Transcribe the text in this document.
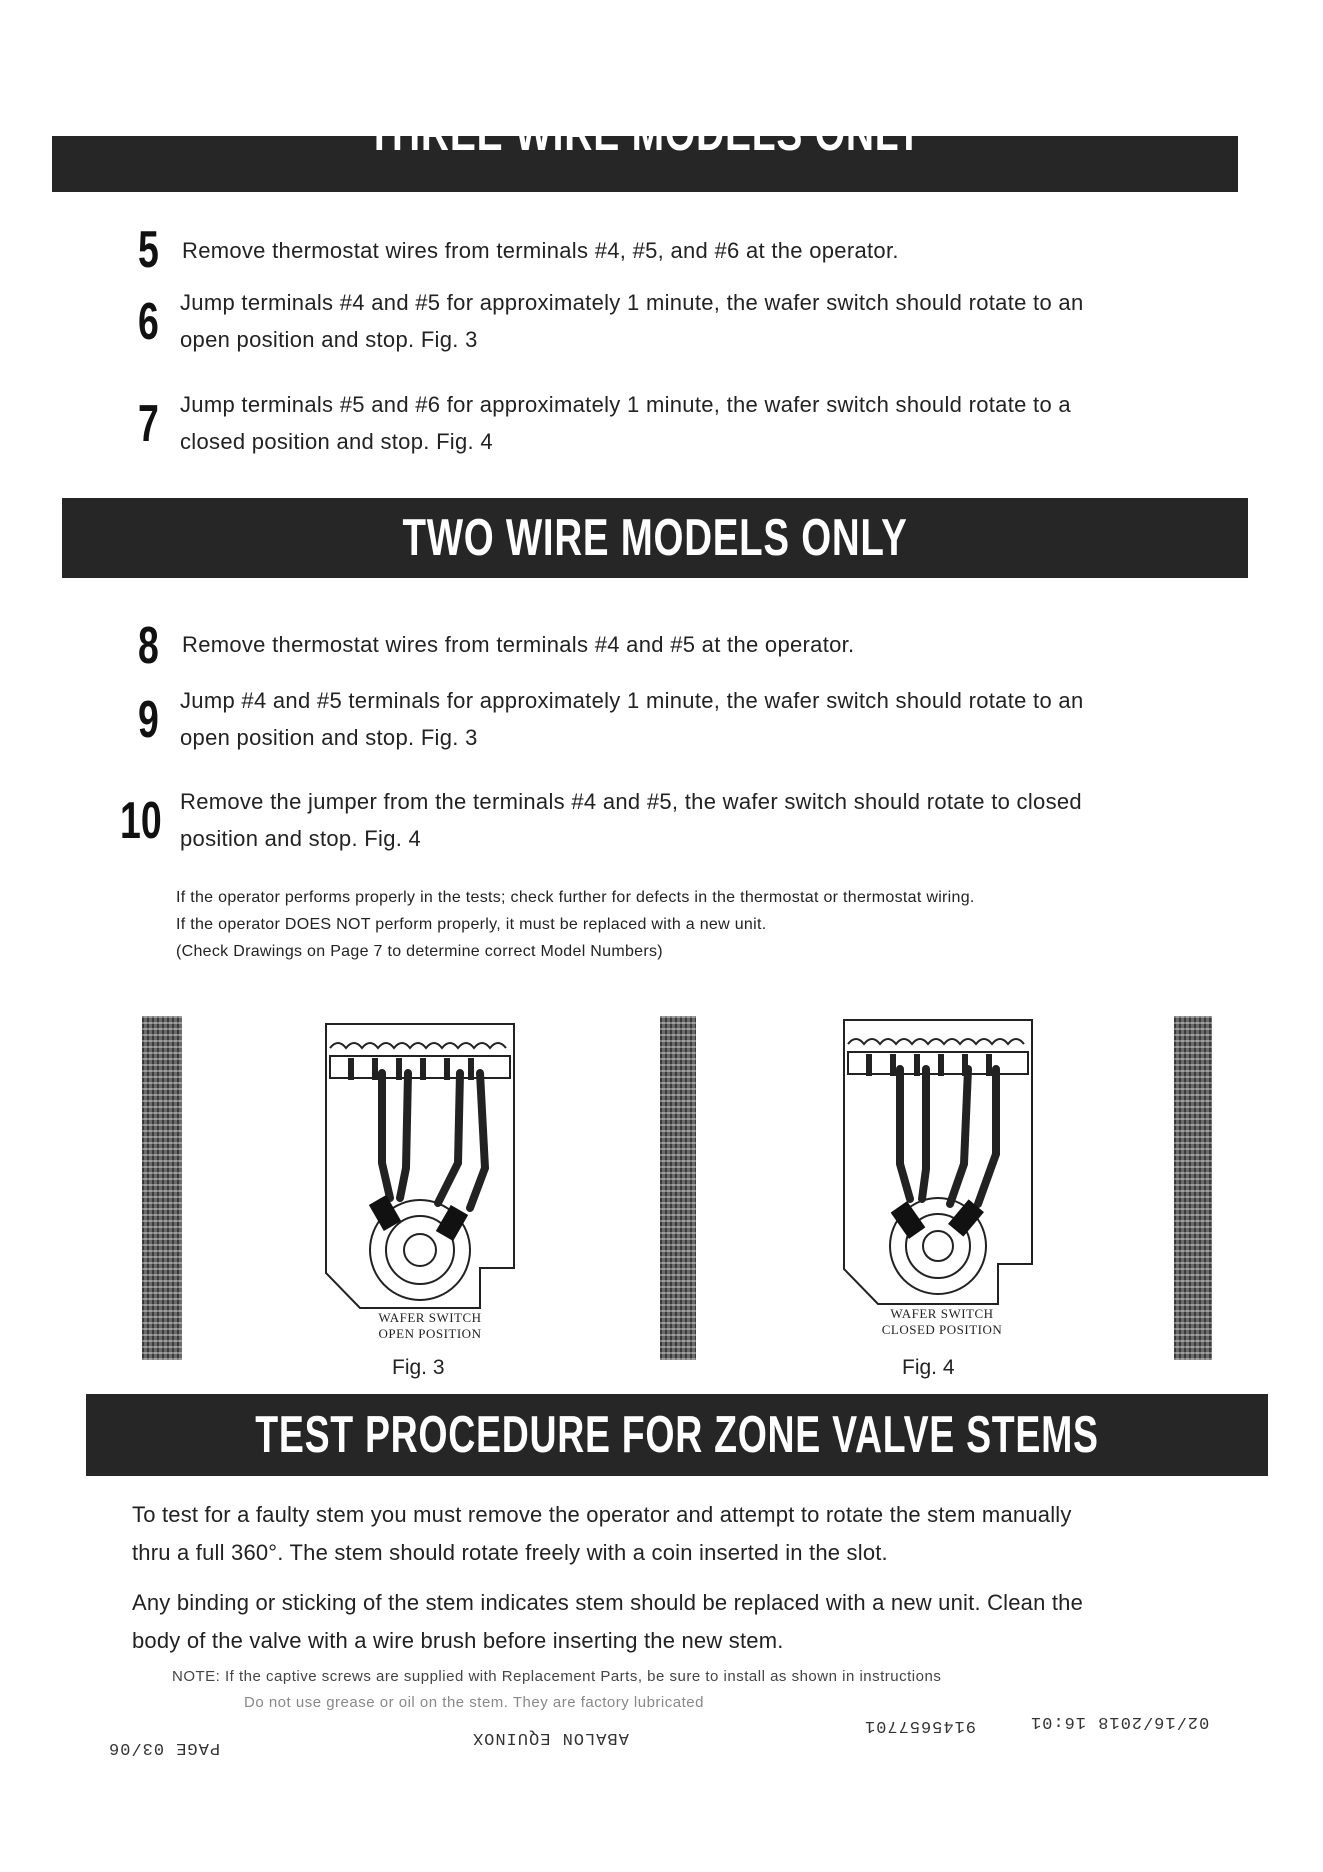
THREE WIRE MODELS ONLY
5 Remove thermostat wires from terminals #4, #5, and #6 at the operator.
6 Jump terminals #4 and #5 for approximately 1 minute, the wafer switch should rotate to an
open position and stop. Fig. 3
7 Jump terminals #5 and #6 for approximately 1 minute, the wafer switch should rotate to a
closed position and stop. Fig. 4
TWO WIRE MODELS ONLY
8 Remove thermostat wires from terminals #4 and #5 at the operator.
9 Jump #4 and #5 terminals for approximately 1 minute, the wafer switch should rotate to an
open position and stop. Fig. 3
10 Remove the jumper from the terminals #4 and #5, the wafer switch should rotate to closed
position and stop. Fig. 4
If the operator performs properly in the tests; check further for defects in the thermostat or thermostat wiring.
If the operator DOES NOT perform properly, it must be replaced with a new unit.
(Check Drawings on Page 7 to determine correct Model Numbers)
WAFER SWITCH
OPEN POSITION
Fig. 3
WAFER SWITCH
CLOSED POSITION
Fig. 4
TEST PROCEDURE FOR ZONE VALVE STEMS
To test for a faulty stem you must remove the operator and attempt to rotate the stem manually
thru a full 360°. The stem should rotate freely with a coin inserted in the slot.
Any binding or sticking of the stem indicates stem should be replaced with a new unit. Clean the
body of the valve with a wire brush before inserting the new stem.
NOTE: If the captive screws are supplied with Replacement Parts, be sure to install as shown in instructions
Do not use grease or oil on the stem. They are factory lubricated
PAGE 03/06
ABALON EQUINOX
9145657701	02/16/2018 16:01
